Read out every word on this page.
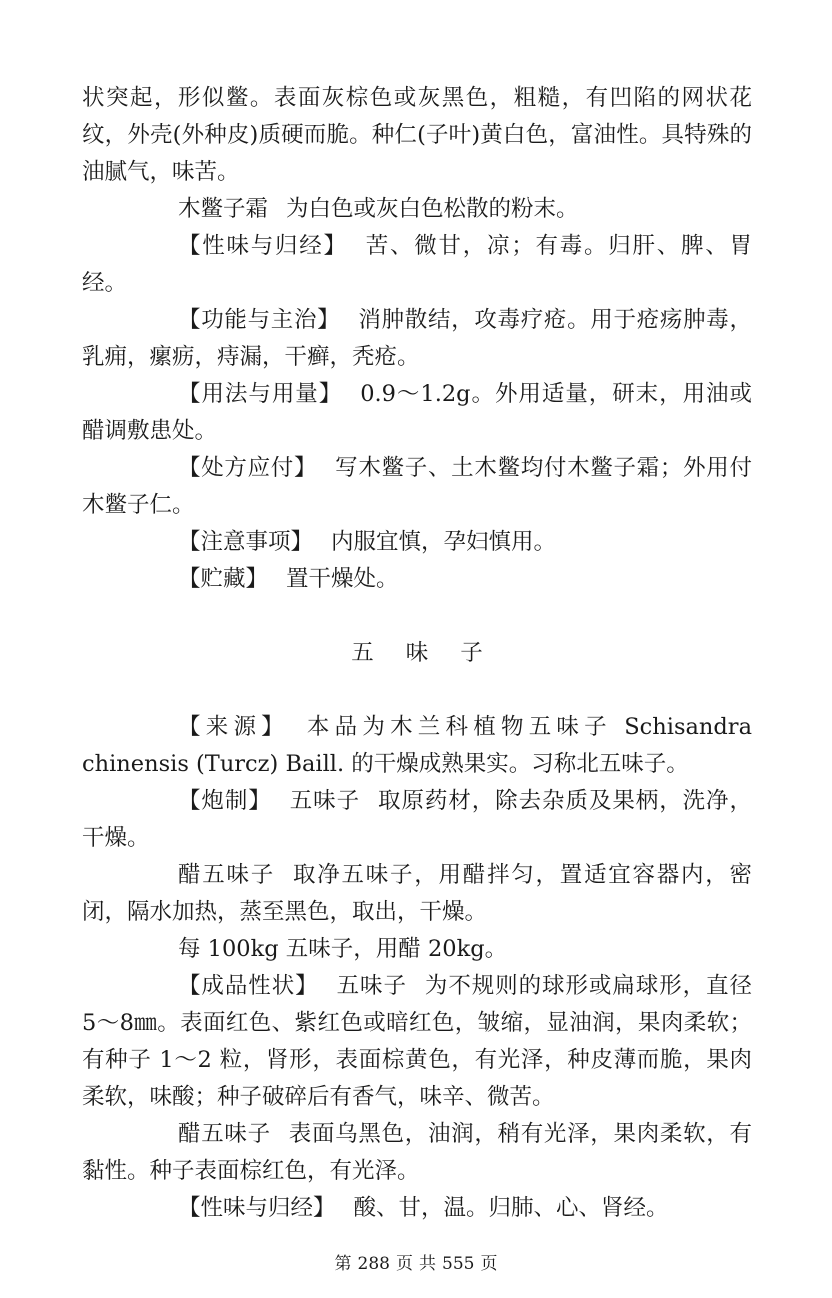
状突起，形似鳖。表面灰棕色或灰黑色，粗糙，有凹陷的网状花纹，外壳(外种皮)质硬而脆。种仁(子叶)黄白色，富油性。具特殊的油腻气，味苦。

木鳖子霜 为白色或灰白色松散的粉末。

【性味与归经】 苦、微甘，凉；有毒。归肝、脾、胃经。

【功能与主治】 消肿散结，攻毒疗疮。用于疮疡肿毒，乳痈，瘰疬，痔漏，干癣，秃疮。

【用法与用量】 0.9～1.2g。外用适量，研末，用油或醋调敷患处。

【处方应付】 写木鳖子、土木鳖均付木鳖子霜；外用付木鳖子仁。

【注意事项】 内服宜慎，孕妇慎用。

【贮藏】 置干燥处。

五味子

【来源】 本品为木兰科植物五味子 Schisandra chinensis (Turcz) Baill. 的干燥成熟果实。习称北五味子。

【炮制】 五味子 取原药材，除去杂质及果柄，洗净，干燥。

醋五味子 取净五味子，用醋拌匀，置适宜容器内，密闭，隔水加热，蒸至黑色，取出，干燥。

每 100kg 五味子，用醋 20kg。

【成品性状】 五味子 为不规则的球形或扁球形，直径 5～8㎜。表面红色、紫红色或暗红色，皱缩，显油润，果肉柔软；有种子 1～2 粒，肾形，表面棕黄色，有光泽，种皮薄而脆，果肉柔软，味酸；种子破碎后有香气，味辛、微苦。

醋五味子 表面乌黑色，油润，稍有光泽，果肉柔软，有黏性。种子表面棕红色，有光泽。

【性味与归经】 酸、甘，温。归肺、心、肾经。

第 288 页 共 555 页
